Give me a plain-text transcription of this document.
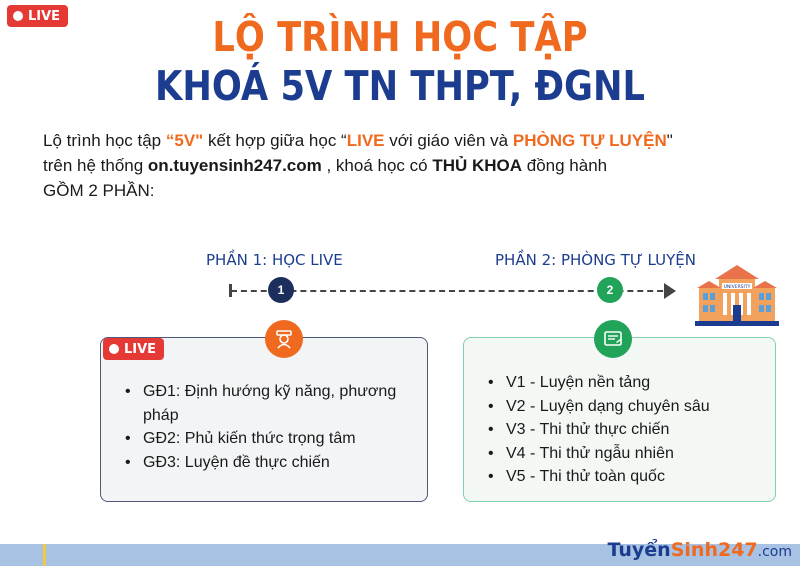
LIVE	LỘ TRÌNH HỌC TẬP
KHOÁ 5V TN THPT, ĐGNL
Lộ trình học tập “5V" kết hợp giữa học “LIVE với giáo viên và PHÒNG TỰ LUYỆN"
trên hệ thống on.tuyensinh247.com , khoá học có THỦ KHOA đồng hành
GỒM 2 PHẦN:
PHẦN 1: HỌC LIVE	PHẦN 2: PHÒNG TỰ LUYỆN
1	2
• GĐ1: Định hướng kỹ năng, phương pháp
• GĐ2: Phủ kiến thức trọng tâm
• GĐ3: Luyện đề thực chiến
LIVE
• V1 - Luyện nền tảng
• V2 - Luyện dạng chuyên sâu
• V3 - Thi thử thực chiến
• V4 - Thi thử ngẫu nhiên
• V5 - Thi thử toàn quốc
UNIVERSITY
Tuyển Sinh247 .com
